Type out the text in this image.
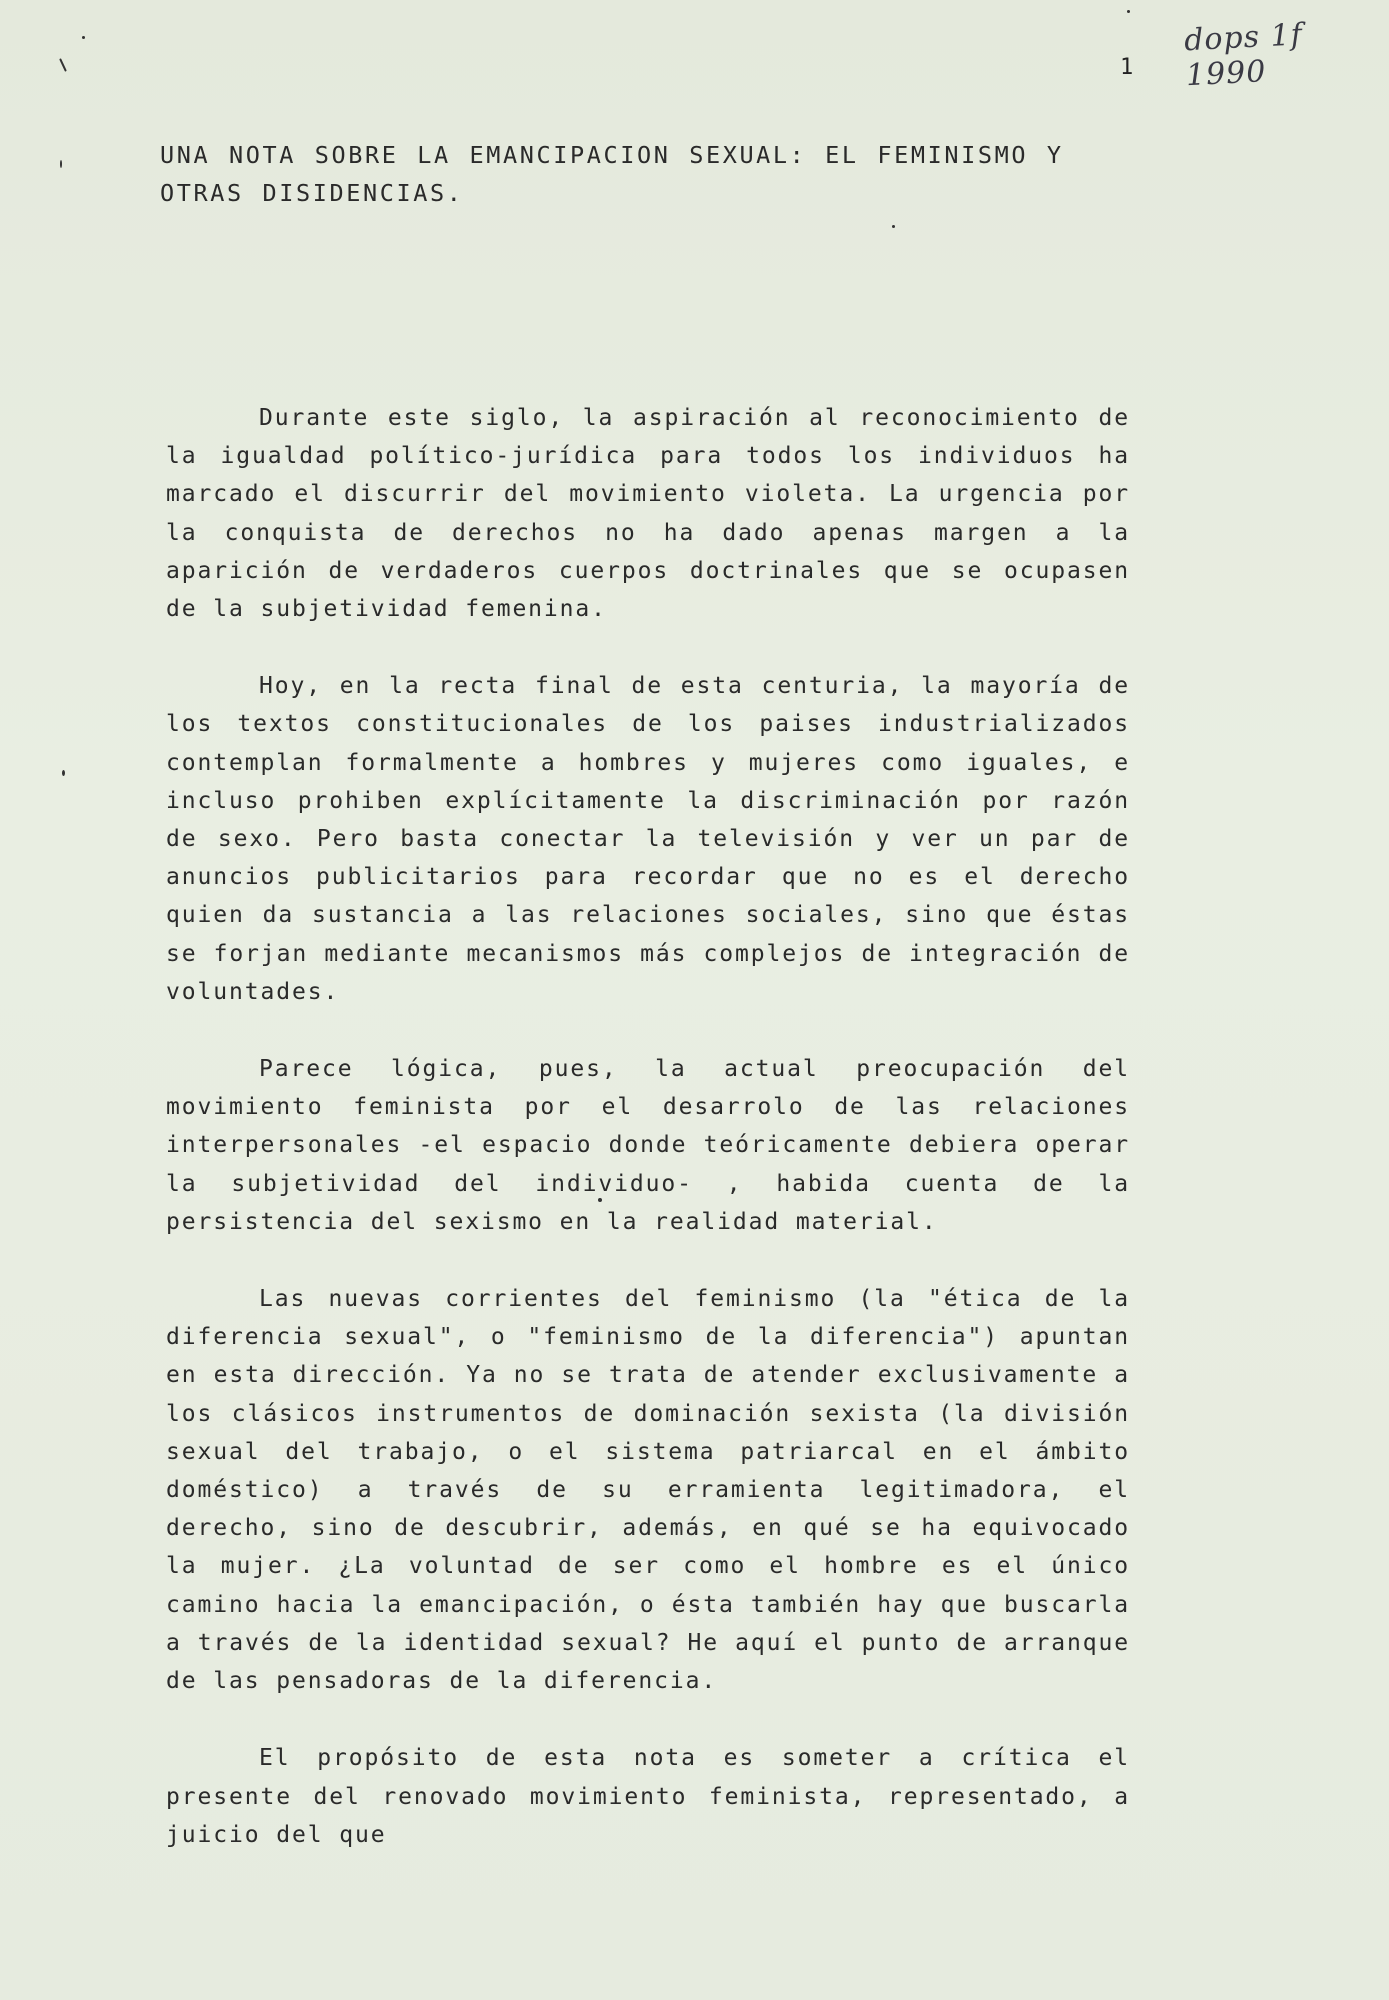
dops 1f 1990
1
UNA NOTA SOBRE LA EMANCIPACION SEXUAL: EL FEMINISMO Y OTRAS DISIDENCIAS.

Durante este siglo, la aspiración al reconocimiento de la igualdad político-jurídica para todos los individuos ha marcado el discurrir del movimiento violeta. La urgencia por la conquista de derechos no ha dado apenas margen a la aparición de verdaderos cuerpos doctrinales que se ocupasen de la subjetividad femenina.

Hoy, en la recta final de esta centuria, la mayoría de los textos constitucionales de los paises industrializados contemplan formalmente a hombres y mujeres como iguales, e incluso prohiben explícitamente la discriminación por razón de sexo. Pero basta conectar la televisión y ver un par de anuncios publicitarios para recordar que no es el derecho quien da sustancia a las relaciones sociales, sino que éstas se forjan mediante mecanismos más complejos de integración de voluntades.

Parece lógica, pues, la actual preocupación del movimiento feminista por el desarrolo de las relaciones interpersonales -el espacio donde teóricamente debiera operar la subjetividad del individuo- , habida cuenta de la persistencia del sexismo en la realidad material.

Las nuevas corrientes del feminismo (la "ética de la diferencia sexual", o "feminismo de la diferencia") apuntan en esta dirección. Ya no se trata de atender exclusivamente a los clásicos instrumentos de dominación sexista (la división sexual del trabajo, o el sistema patriarcal en el ámbito doméstico) a través de su erramienta legitimadora, el derecho, sino de descubrir, además, en qué se ha equivocado la mujer. ¿La voluntad de ser como el hombre es el único camino hacia la emancipación, o ésta también hay que buscarla a través de la identidad sexual? He aquí el punto de arranque de las pensadoras de la diferencia.

El propósito de esta nota es someter a crítica el presente del renovado movimiento feminista, representado, a juicio del que
